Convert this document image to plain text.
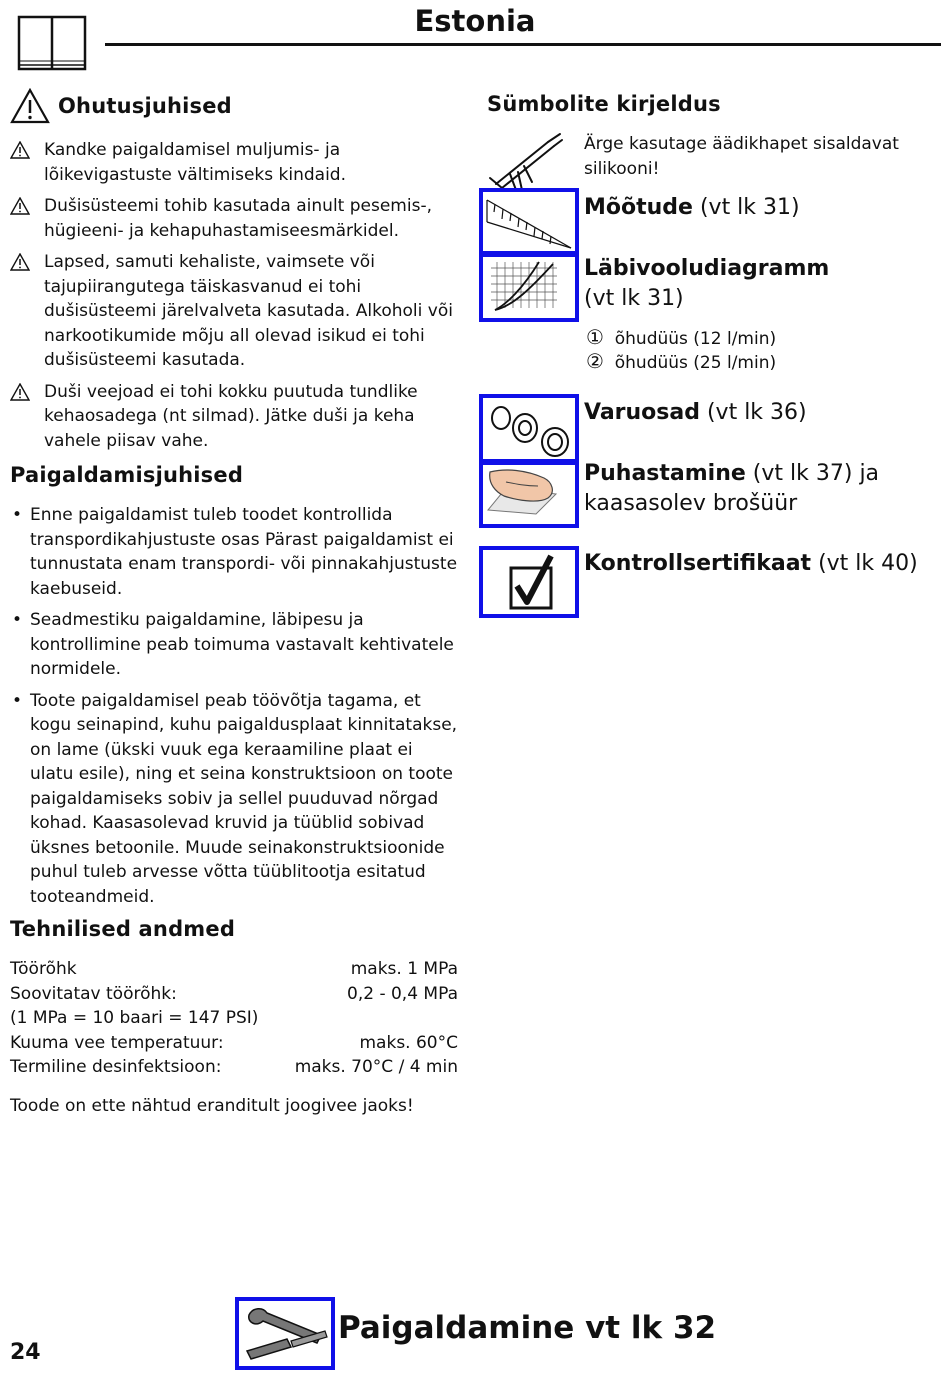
Estonia
Ohutusjuhised
Kandke paigaldamisel muljumis- ja lõikevigastuste vältimiseks kindaid.
Dušisüsteemi tohib kasutada ainult pesemis-, hügieeni- ja kehapuhastamiseesmärkidel.
Lapsed, samuti kehaliste, vaimsete või tajupiirangutega täiskasvanud ei tohi dušisüsteemi järelvalveta kasutada. Alkoholi või narkootikumide mõju all olevad isikud ei tohi dušisüsteemi kasutada.
Duši veejoad ei tohi kokku puutuda tundlike kehaosadega (nt silmad). Jätke duši ja keha vahele piisav vahe.
Paigaldamisjuhised
• Enne paigaldamist tuleb toodet kontrollida transpordikahjustuste osas Pärast paigaldamist ei tunnustata enam transpordi- või pinnakahjustuste kaebuseid.
• Seadmestiku paigaldamine, läbipesu ja kontrollimine peab toimuma vastavalt kehtivatele normidele.
• Toote paigaldamisel peab töövõtja tagama, et kogu seinapind, kuhu paigaldusplaat kinnitatakse, on lame (ükski vuuk ega keraamiline plaat ei ulatu esile), ning et seina konstruktsioon on toote paigaldamiseks sobiv ja sellel puuduvad nõrgad kohad. Kaasasolevad kruvid ja tüüblid sobivad üksnes betoonile. Muude seinakonstruktsioonide puhul tuleb arvesse võtta tüüblitootja esitatud tooteandmeid.
Tehnilised andmed
Töörõhk	maks. 1 MPa
Soovitatav töörõhk:	0,2 - 0,4 MPa
(1 MPa = 10 baari = 147 PSI)
Kuuma vee temperatuur:	maks. 60°C
Termiline desinfektsioon:	maks. 70°C / 4 min
Toode on ette nähtud eranditult joogivee jaoks!
Sümbolite kirjeldus
Ärge kasutage äädikhapet sisaldavat silikooni!
Mõõtude (vt lk 31)
Läbivooludiagramm
(vt lk 31)
① õhudüüs (12 l/min)
② õhudüüs (25 l/min)
Varuosad (vt lk 36)
Puhastamine (vt lk 37) ja
kaasasolev brošüür
Kontrollsertifikaat (vt lk 40)
24
Paigaldamine vt lk 32
